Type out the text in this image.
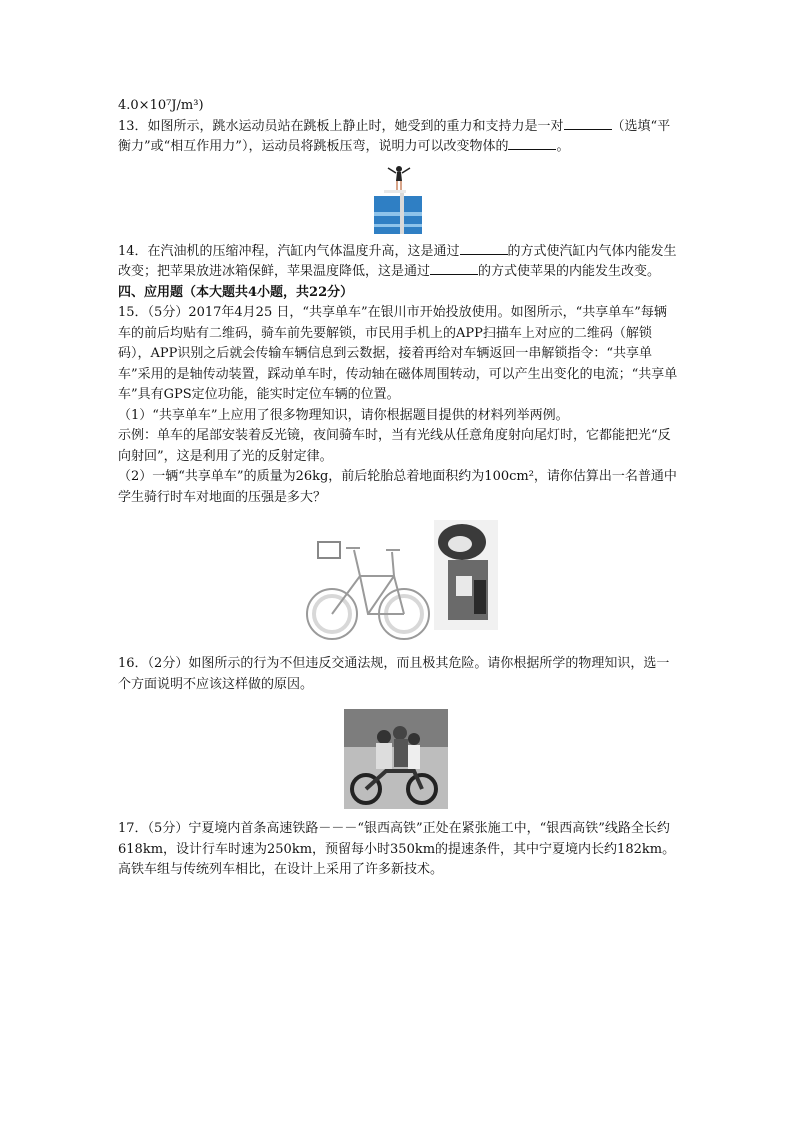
4.0×10⁷J/m³)

13．如图所示，跳水运动员站在跳板上静止时，她受到的重力和支持力是一对	（选填“平衡力”或“相互作用力”），运动员将跳板压弯，说明力可以改变物体的	。

14．在汽油机的压缩冲程，汽缸内气体温度升高，这是通过	的方式使汽缸内气体内能发生改变；把苹果放进冰箱保鲜，苹果温度降低，这是通过	的方式使苹果的内能发生改变。

四、应用题（本大题共4小题，共22分）

15．（5分）2017年4月25 日，“共享单车”在银川市开始投放使用。如图所示，“共享单车”每辆车的前后均贴有二维码，骑车前先要解锁，市民用手机上的APP扫描车上对应的二维码（解锁码），APP识别之后就会传输车辆信息到云数据，接着再给对车辆返回一串解锁指令：“共享单车”采用的是轴传动装置，踩动单车时，传动轴在磁体周围转动，可以产生出变化的电流；“共享单车”具有GPS定位功能，能实时定位车辆的位置。

（1）“共享单车”上应用了很多物理知识，请你根据题目提供的材料列举两例。

示例：单车的尾部安装着反光镜，夜间骑车时，当有光线从任意角度射向尾灯时，它都能把光“反向射回”，这是利用了光的反射定律。

（2）一辆“共享单车”的质量为26kg，前后轮胎总着地面积约为100cm²，请你估算出一名普通中学生骑行时车对地面的压强是多大？

16．（2分）如图所示的行为不但违反交通法规，而且极其危险。请你根据所学的物理知识，选一个方面说明不应该这样做的原因。

17．（5分）宁夏境内首条高速铁路－－－“银西高铁”正处在紧张施工中，“银西高铁”线路全长约618km，设计行车时速为250km，预留每小时350km的提速条件，其中宁夏境内长约182km。高铁车组与传统列车相比，在设计上采用了许多新技术。
